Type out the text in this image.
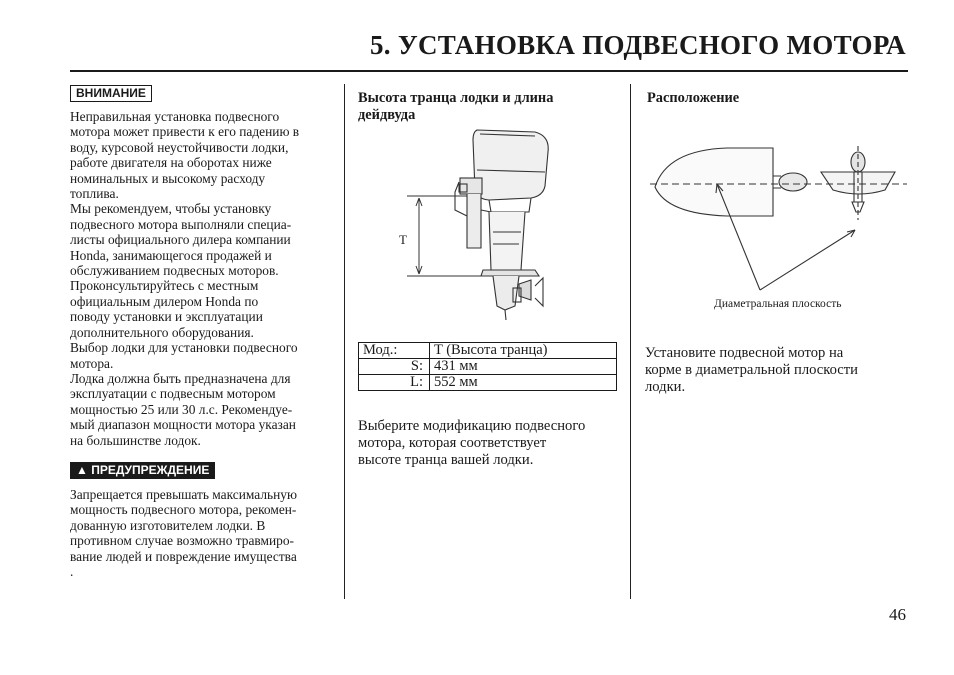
5. УСТАНОВКА ПОДВЕСНОГО МОТОРА
ВНИМАНИЕ
Неправильная установка подвесного
мотора может привести к его падению в
воду, курсовой неустойчивости лодки,
работе двигателя на оборотах ниже
номинальных и высокому расходу
топлива.
Мы рекомендуем, чтобы установку
подвесного мотора выполняли специа-
листы официального дилера компании
Honda, занимающегося продажей и
обслуживанием подвесных моторов.
Проконсультируйтесь с местным
официальным дилером Honda по
поводу установки и эксплуатации
дополнительного оборудования.
Выбор лодки для установки подвесного
мотора.
Лодка должна быть предназначена для
эксплуатации с подвесным мотором
мощностью 25 или 30 л.с. Рекомендуе-
мый диапазон мощности мотора указан
на большинстве лодок.
▲ ПРЕДУПРЕЖДЕНИЕ
Запрещается превышать максимальную
мощность подвесного мотора, рекомен-
дованную изготовителем лодки. В
противном случае возможно травмиро-
вание людей и повреждение имущества
.
Высота транца лодки и длина
дейдвуда
T
Мод.:	T (Высота транца)
S:	431 мм
L:	552 мм
Выберите модификацию подвесного
мотора, которая соответствует
высоте транца вашей лодки.
Расположение
Диаметральная плоскость
Установите подвесной мотор на
корме в диаметральной плоскости
лодки.
46
